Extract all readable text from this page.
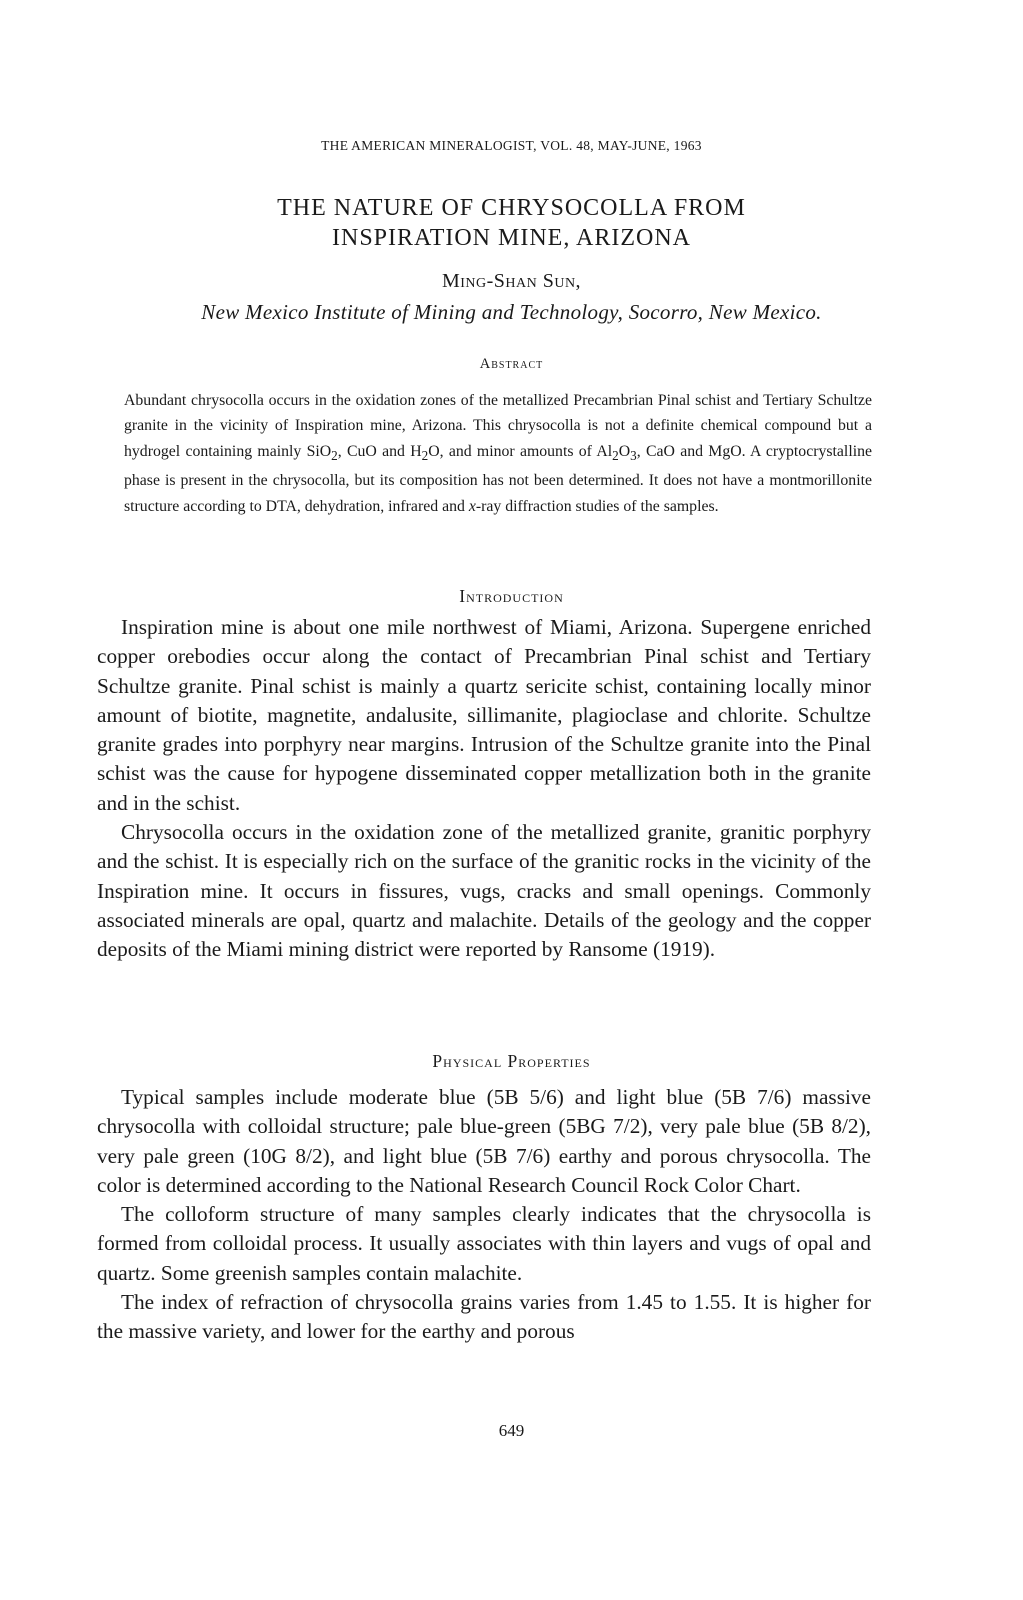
THE AMERICAN MINERALOGIST, VOL. 48, MAY-JUNE, 1963
THE NATURE OF CHRYSOCOLLA FROM
INSPIRATION MINE, ARIZONA
Ming-Shan Sun,
New Mexico Institute of Mining and Technology, Socorro, New Mexico.
Abstract
Abundant chrysocolla occurs in the oxidation zones of the metallized Precambrian Pinal schist and Tertiary Schultze granite in the vicinity of Inspiration mine, Arizona. This chrysocolla is not a definite chemical compound but a hydrogel containing mainly SiO$_2$, CuO and $H_2O$, and minor amounts of $Al_2O_3$, CaO and MgO. A cryptocrystalline phase is present in the chrysocolla, but its composition has not been determined. It does not have a montmorillonite structure according to DTA, dehydration, infrared and x-ray diffraction studies of the samples.
Introduction

Inspiration mine is about one mile northwest of Miami, Arizona. Supergene enriched copper orebodies occur along the contact of Precambrian Pinal schist and Tertiary Schultze granite. Pinal schist is mainly a quartz sericite schist, containing locally minor amount of biotite, magnetite, andalusite, sillimanite, plagioclase and chlorite. Schultze granite grades into porphyry near margins. Intrusion of the Schultze granite into the Pinal schist was the cause for hypogene disseminated copper metallization both in the granite and in the schist.

Chrysocolla occurs in the oxidation zone of the metallized granite, granitic porphyry and the schist. It is especially rich on the surface of the granitic rocks in the vicinity of the Inspiration mine. It occurs in fissures, vugs, cracks and small openings. Commonly associated minerals are opal, quartz and malachite. Details of the geology and the copper deposits of the Miami mining district were reported by Ransome (1919).

Physical Properties

Typical samples include moderate blue (5B 5/6) and light blue (5B 7/6) massive chrysocolla with colloidal structure; pale blue-green (5BG 7/2), very pale blue (5B 8/2), very pale green (10G 8/2), and light blue (5B 7/6) earthy and porous chrysocolla. The color is determined according to the National Research Council Rock Color Chart.

The colloform structure of many samples clearly indicates that the chrysocolla is formed from colloidal process. It usually associates with thin layers and vugs of opal and quartz. Some greenish samples contain malachite.

The index of refraction of chrysocolla grains varies from 1.45 to 1.55. It is higher for the massive variety, and lower for the earthy and porous

649
